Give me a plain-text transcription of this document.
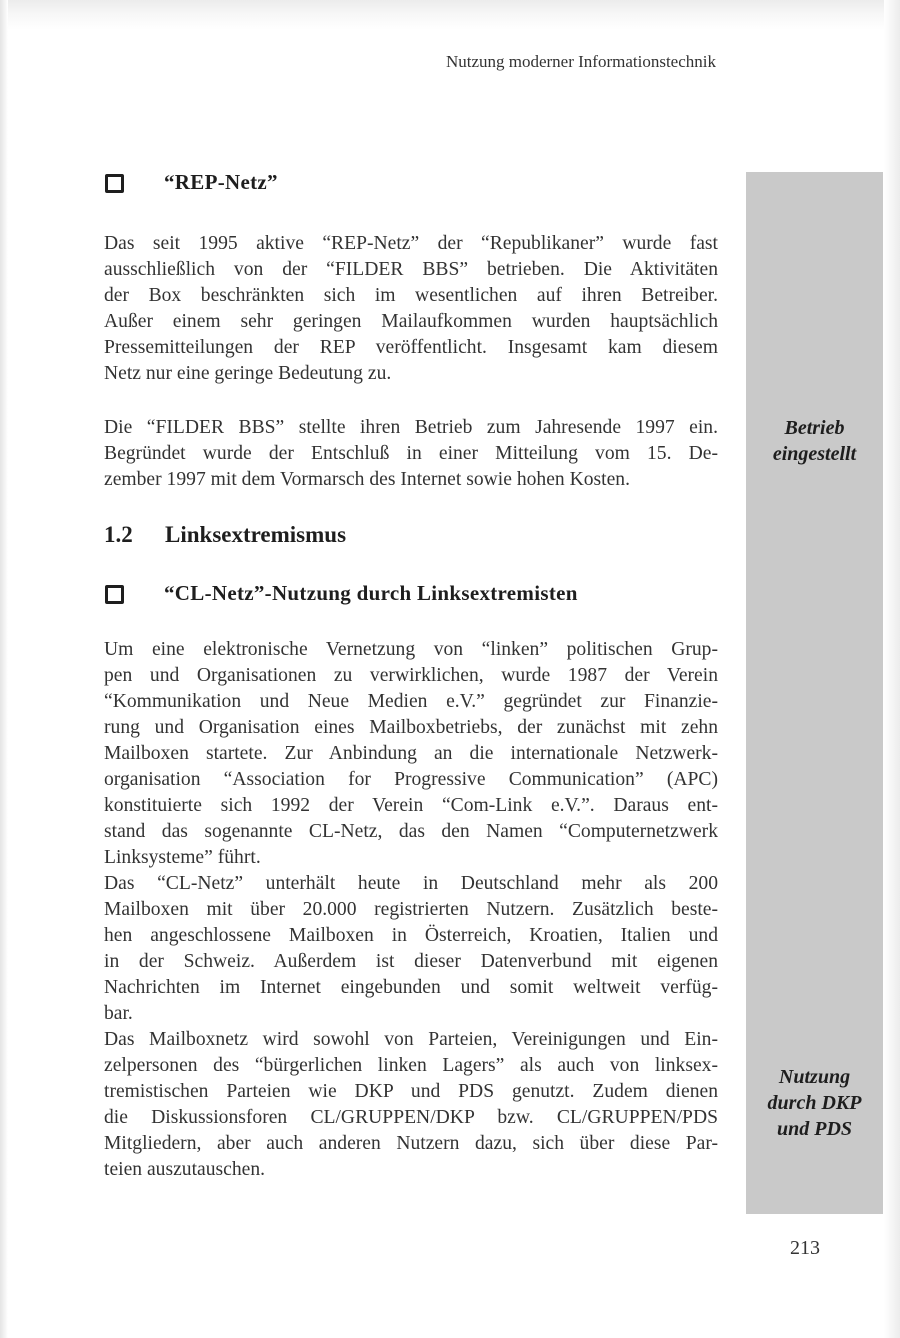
Nutzung moderner Informationstechnik
“REP-Netz”
Das seit 1995 aktive “REP-Netz” der “Republikaner” wurde fast
ausschließlich von der “FILDER BBS” betrieben. Die Aktivitäten
der Box beschränkten sich im wesentlichen auf ihren Betreiber.
Außer einem sehr geringen Mailaufkommen wurden hauptsächlich
Pressemitteilungen der REP veröffentlicht. Insgesamt kam diesem
Netz nur eine geringe Bedeutung zu.
Die “FILDER BBS” stellte ihren Betrieb zum Jahresende 1997 ein.
Begründet wurde der Entschluß in einer Mitteilung vom 15. De-
zember 1997 mit dem Vormarsch des Internet sowie hohen Kosten.
Betrieb
eingestellt
1.2 Linksextremismus
“CL-Netz”-Nutzung durch Linksextremisten
Um eine elektronische Vernetzung von “linken” politischen Grup-
pen und Organisationen zu verwirklichen, wurde 1987 der Verein
“Kommunikation und Neue Medien e.V.” gegründet zur Finanzie-
rung und Organisation eines Mailboxbetriebs, der zunächst mit zehn
Mailboxen startete. Zur Anbindung an die internationale Netzwerk-
organisation “Association for Progressive Communication” (APC)
konstituierte sich 1992 der Verein “Com-Link e.V.”. Daraus ent-
stand das sogenannte CL-Netz, das den Namen “Computernetzwerk
Linksysteme” führt.
Das “CL-Netz” unterhält heute in Deutschland mehr als 200
Mailboxen mit über 20.000 registrierten Nutzern. Zusätzlich beste-
hen angeschlossene Mailboxen in Österreich, Kroatien, Italien und
in der Schweiz. Außerdem ist dieser Datenverbund mit eigenen
Nachrichten im Internet eingebunden und somit weltweit verfüg-
bar.
Das Mailboxnetz wird sowohl von Parteien, Vereinigungen und Ein-
zelpersonen des “bürgerlichen linken Lagers” als auch von linksex-
tremistischen Parteien wie DKP und PDS genutzt. Zudem dienen
die Diskussionsforen CL/GRUPPEN/DKP bzw. CL/GRUPPEN/PDS
Mitgliedern, aber auch anderen Nutzern dazu, sich über diese Par-
teien auszutauschen.
Nutzung
durch DKP
und PDS
213
